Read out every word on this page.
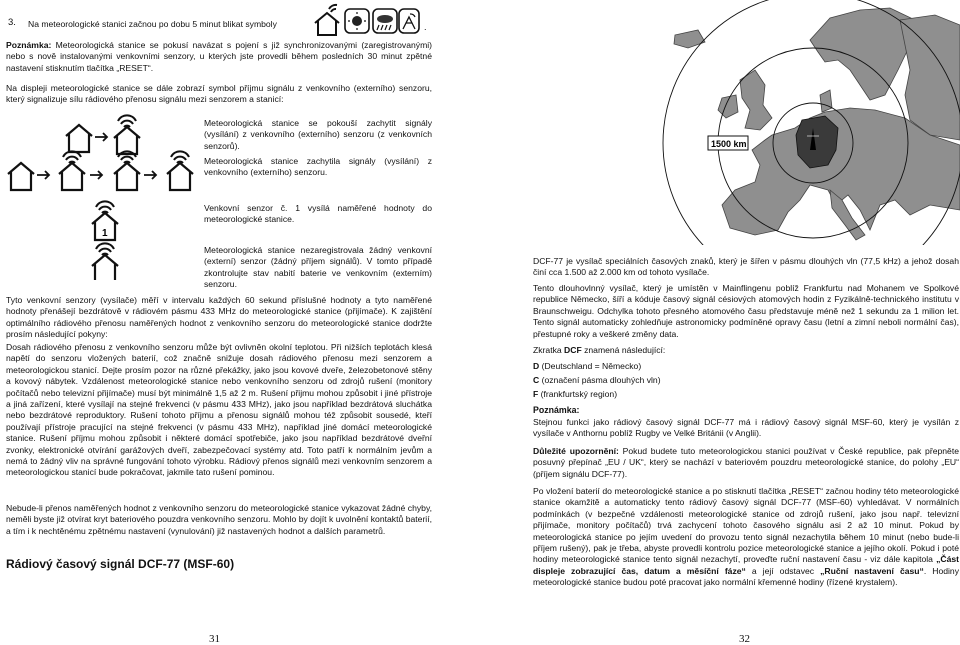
3. Na meteorologické stanici začnou po dobu 5 minut blikat symboly	.

Poznámka: Meteorologická stanice se pokusí navázat s pojení s již synchronizovanými (zaregistrovanými) nebo s nově instalovanými venkovními senzory, u kterých jste provedli během posledních 30 minut zpětné nastavení stisknutím tlačítka „RESET“.

Na displeji meteorologické stanice se dále zobrazí symbol příjmu signálu z venkovního (externího) senzoru, který signalizuje sílu rádiového přenosu signálu mezi senzorem a stanicí:

1

Meteorologická stanice se pokouší zachytit signály (vysílání) z venkovního (externího) senzoru (z venkovních senzorů).

Meteorologická stanice zachytila signály (vysílání) z venkovního (externího) senzoru.

Venkovní senzor č. 1 vysílá naměřené hodnoty do meteorologické stanice.

Meteorologická stanice nezaregistrovala žádný venkovní (externí) senzor (žádný příjem signálů). V tomto případě zkontrolujte stav nabití baterie ve venkovním (externím) senzoru.

Tyto venkovní senzory (vysílače) měří v intervalu každých 60 sekund příslušné hodnoty a tyto naměřené hodnoty přenášejí bezdrátově v rádiovém pásmu 433 MHz do meteorologické stanice (přijímače). K zajištění optimálního rádiového přenosu naměřených hodnot z venkovního senzoru do meteorologické stanice dodržte prosím následující pokyny:

Dosah rádiového přenosu z venkovního senzoru může být ovlivněn okolní teplotou. Při nižších teplotách klesá napětí do senzoru vložených baterií, což značně snižuje dosah rádiového přenosu mezi senzorem a meteorologickou stanicí. Dejte prosím pozor na různé překážky, jako jsou kovové dveře, železobetonové stěny a kovový nábytek. Vzdálenost meteorologické stanice nebo venkovního senzoru od zdrojů rušení (monitory počítačů nebo televizní přijímače) musí být minimálně 1,5 až 2 m. Rušení přijmu mohou způsobit i jiné přístroje a jiná zařízení, které vysílají na stejné frekvenci (v pásmu 433 MHz), jako jsou například bezdrátová sluchátka nebo bezdrátové reproduktory. Rušení tohoto příjmu a přenosu signálů mohou též způsobit sousedé, kteří používají přístroje pracující na stejné frekvenci (v pásmu 433 MHz), například jiné domácí meteorologické stanice. Rušení příjmu mohou způsobit i některé domácí spotřebiče, jako jsou například bezdrátové dveřní zvonky, elektronické otvírání garážových dveří, zabezpečovací systémy atd. Toto patří k normálním jevům a nemá to žádný vliv na správné fungování tohoto výrobku. Rádiový přenos signálů mezi venkovním senzorem a meteorologickou stanicí bude pokračovat, jakmile tato rušení pominou.

Nebude-li přenos naměřených hodnot z venkovního senzoru do meteorologické stanice vykazovat žádné chyby, neměli byste již otvírat kryt bateriového pouzdra venkovního senzoru. Mohlo by dojít k uvolnění kontaktů baterií, a tím i k nechtěnému zpětnému nastavení (vynulování) již nastavených hodnot a dalších parametrů.

Rádiový časový signál DCF-77 (MSF-60)
31
1500 km

DCF-77 je vysílač speciálních časových znaků, který je šířen v pásmu dlouhých vln (77,5 kHz) a jehož dosah činí cca 1.500 až 2.000 km od tohoto vysílače.

Tento dlouhovlnný vysílač, který je umístěn v Mainflingenu poblíž Frankfurtu nad Mohanem ve Spolkové republice Německo, šíří a kóduje časový signál césiových atomových hodin z Fyzikálně-technického institutu v Braunschweigu. Odchylka tohoto přesného atomového času představuje méně než 1 sekundu za 1 milion let. Tento signál automaticky zohledňuje astronomicky podmíněné opravy času (letní a zimní neboli normální čas), přestupné roky a veškeré změny data.

Zkratka DCF znamená následující:

D (Deutschland = Německo)

C (označení pásma dlouhých vln)

F (frankfurtský region)

Poznámka:

Stejnou funkci jako rádiový časový signál DCF-77 má i rádiový časový signál MSF-60, který je vysílán z vysílače v Anthornu poblíž Rugby ve Velké Británii (v Anglii).

Důležité upozornění: Pokud budete tuto meteorologickou stanici používat v České republice, pak přepněte posuvný přepínač „EU / UK“, který se nachází v bateriovém pouzdru meteorologické stanice, do polohy „EU“ (příjem signálu DCF-77).

Po vložení baterií do meteorologické stanice a po stisknutí tlačítka „RESET“ začnou hodiny této meteorologické stanice okamžitě a automaticky tento rádiový časový signál DCF-77 (MSF-60) vyhledávat. V normálních podmínkách (v bezpečné vzdálenosti meteorologické stanice od zdrojů rušení, jako jsou např. televizní přijímače, monitory počítačů) trvá zachycení tohoto časového signálu asi 2 až 10 minut. Pokud by meteorologická stanice po jejím uvedení do provozu tento signál nezachytila během 10 minut (nebo bude-li příjem rušený), pak je třeba, abyste provedli kontrolu pozice meteorologické stanice a jejího okolí. Pokud i poté hodiny meteorologické stanice tento signál nezachytí, proveďte ruční nastavení času - viz dále kapitola „Část displeje zobrazující čas, datum a měsíční fáze“ a její odstavec „Ruční nastavení času“. Hodiny meteorologické stanice budou poté pracovat jako normální křemenné hodiny (řízené krystalem).

32
